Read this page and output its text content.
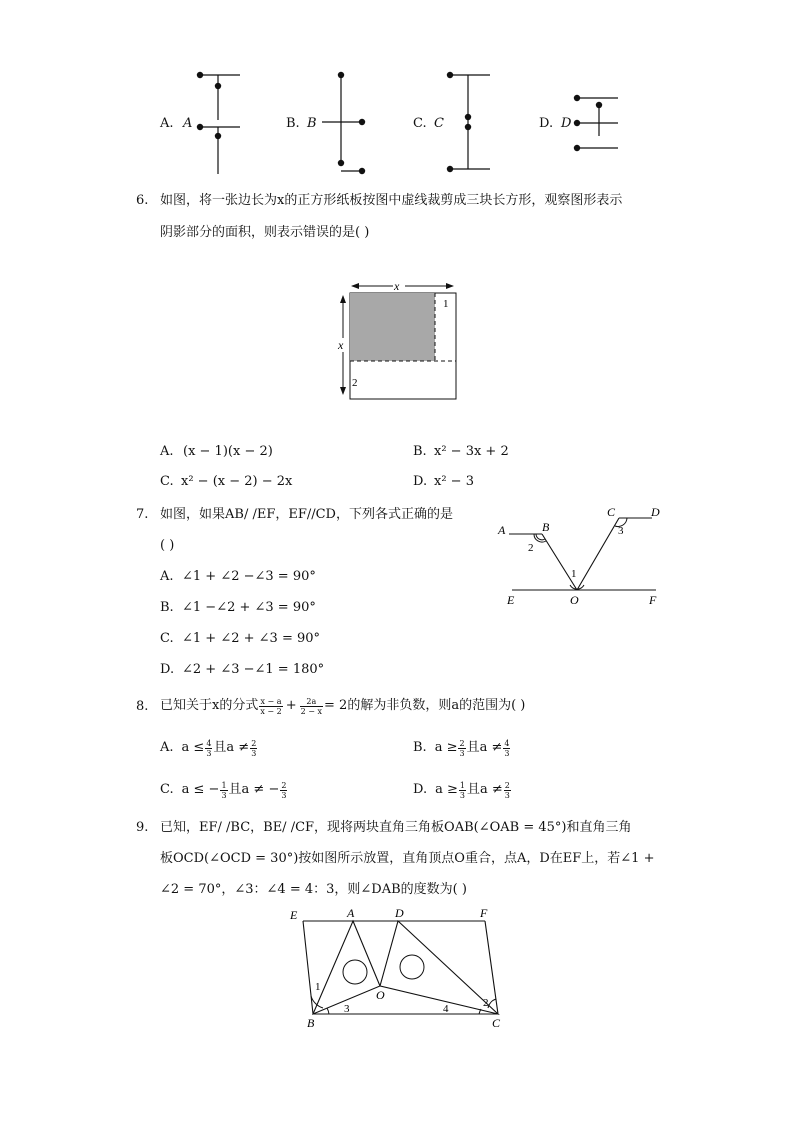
A. A	B. B	C. C	D. D
6. 如图，将一张边长为x的正方形纸板按图中虚线裁剪成三块长方形，观察图形表示
阴影部分的面积，则表示错误的是( )
x
x
1
2
A. (x − 1)(x − 2)	B. x² − 3x + 2
C. x² − (x − 2) − 2x	D. x² − 3
7. 如图，如果AB/ /EF，EF//CD，下列各式正确的是
( )
A	B
C	D
E	O	F
1
2
3
A. ∠1 + ∠2 −∠3 = 90°
B. ∠1 −∠2 + ∠3 = 90°
C. ∠1 + ∠2 + ∠3 = 90°
D. ∠2 + ∠3 −∠1 = 180°
8. 已知关于x的分式 $\frac{x - a}{x - 2} + \frac{2a}{2 - x} = 2$的解为非负数，则a的范围为( )
A. $a \le \frac{4}{3}$ 且$a \ne \frac{2}{3}$	B. $a \ge \frac{2}{3}$ 且$a \ne \frac{4}{3}$
C. a ≤ − $\frac{1}{3}$ 且a ≠ − $\frac{2}{3}$	D. $a \ge \frac{1}{3}$ 且$a \ne \frac{2}{3}$
9. 已知，EF/ /BC，BE/ /CF，现将两块直角三角板OAB(∠OAB = 45°)和直角三角
板OCD(∠OCD = 30°)按如图所示放置，直角顶点O重合，点A，D在EF上，若∠1 +
∠2 = 70°，∠3：∠4 = 4：3，则∠DAB的度数为( )
E	A	D	F
O
B	C
1
2
3	4
